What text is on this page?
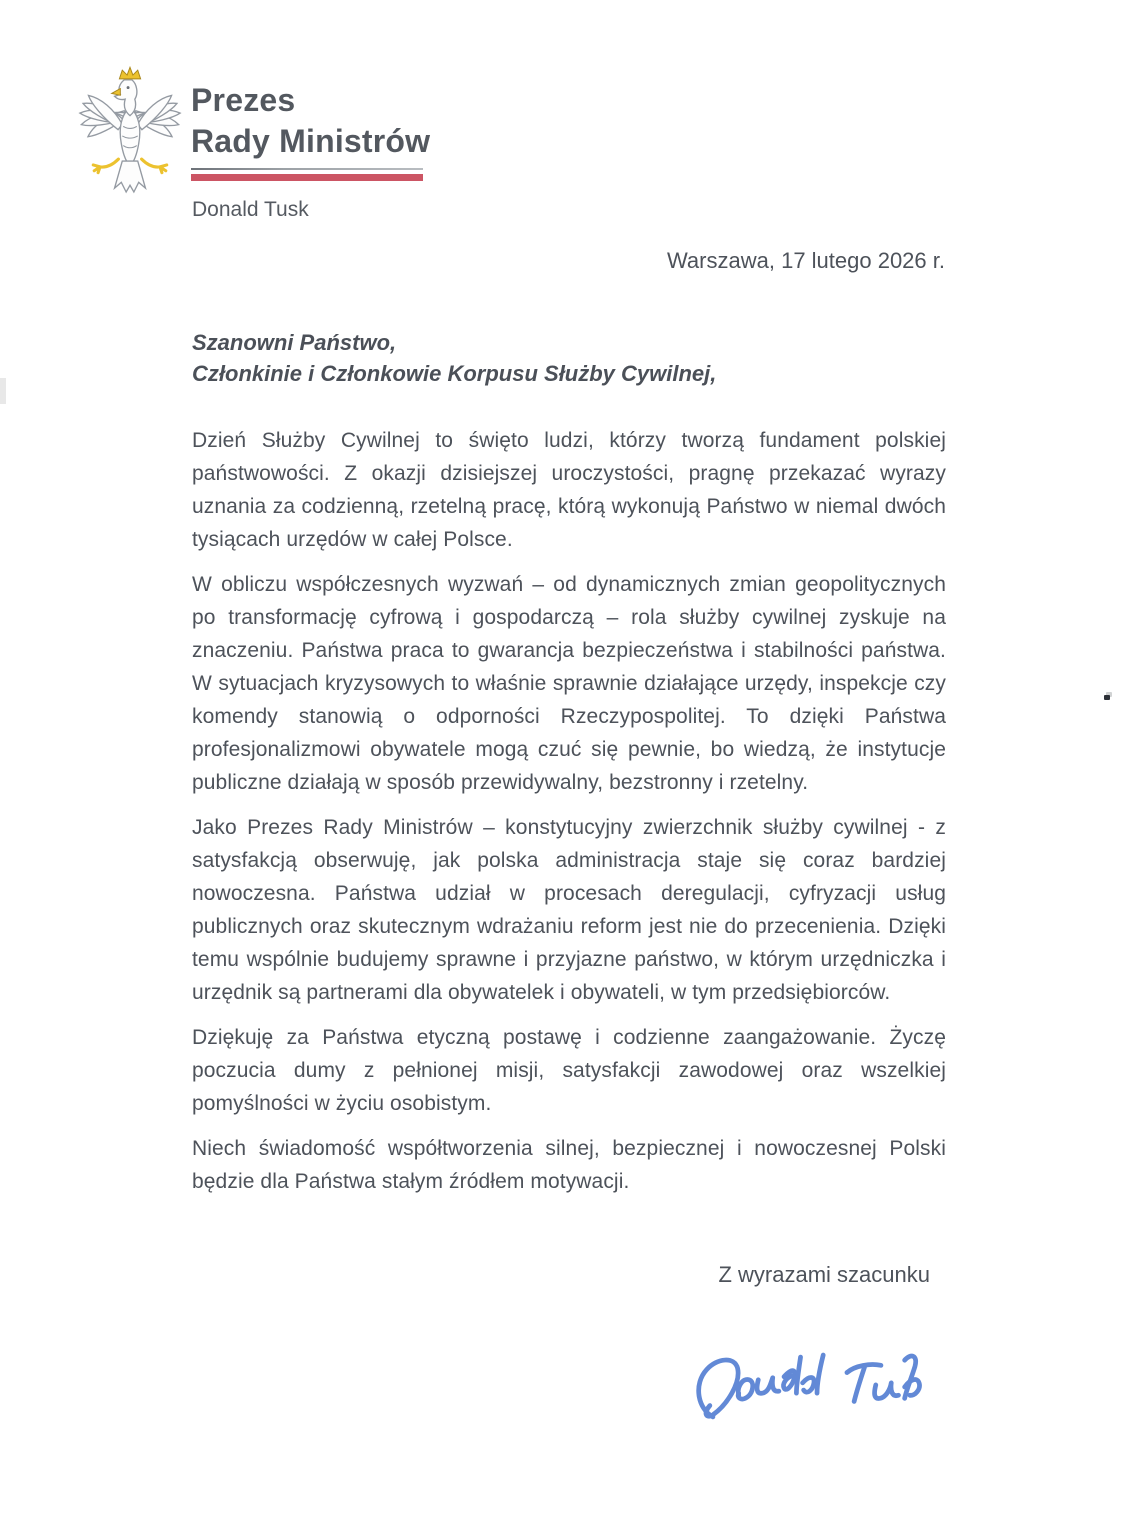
Prezes
Rady Ministrów
Donald Tusk
Warszawa, 17 lutego 2026 r.
Szanowni Państwo,
Członkinie i Członkowie Korpusu Służby Cywilnej,

Dzień Służby Cywilnej to święto ludzi, którzy tworzą fundament polskiej państwowości. Z okazji dzisiejszej uroczystości, pragnę przekazać wyrazy uznania za codzienną, rzetelną pracę, którą wykonują Państwo w niemal dwóch tysiącach urzędów w całej Polsce.

W obliczu współczesnych wyzwań – od dynamicznych zmian geopolitycznych po transformację cyfrową i gospodarczą – rola służby cywilnej zyskuje na znaczeniu. Państwa praca to gwarancja bezpieczeństwa i stabilności państwa. W sytuacjach kryzysowych to właśnie sprawnie działające urzędy, inspekcje czy komendy stanowią o odporności Rzeczypospolitej. To dzięki Państwa profesjonalizmowi obywatele mogą czuć się pewnie, bo wiedzą, że instytucje publiczne działają w sposób przewidywalny, bezstronny i rzetelny.

Jako Prezes Rady Ministrów – konstytucyjny zwierzchnik służby cywilnej - z satysfakcją obserwuję, jak polska administracja staje się coraz bardziej nowoczesna. Państwa udział w procesach deregulacji, cyfryzacji usług publicznych oraz skutecznym wdrażaniu reform jest nie do przecenienia. Dzięki temu wspólnie budujemy sprawne i przyjazne państwo, w którym urzędniczka i urzędnik są partnerami dla obywatelek i obywateli, w tym przedsiębiorców.

Dziękuję za Państwa etyczną postawę i codzienne zaangażowanie. Życzę poczucia dumy z pełnionej misji, satysfakcji zawodowej oraz wszelkiej pomyślności w życiu osobistym.

Niech świadomość współtworzenia silnej, bezpiecznej i nowoczesnej Polski będzie dla Państwa stałym źródłem motywacji.

Z wyrazami szacunku
